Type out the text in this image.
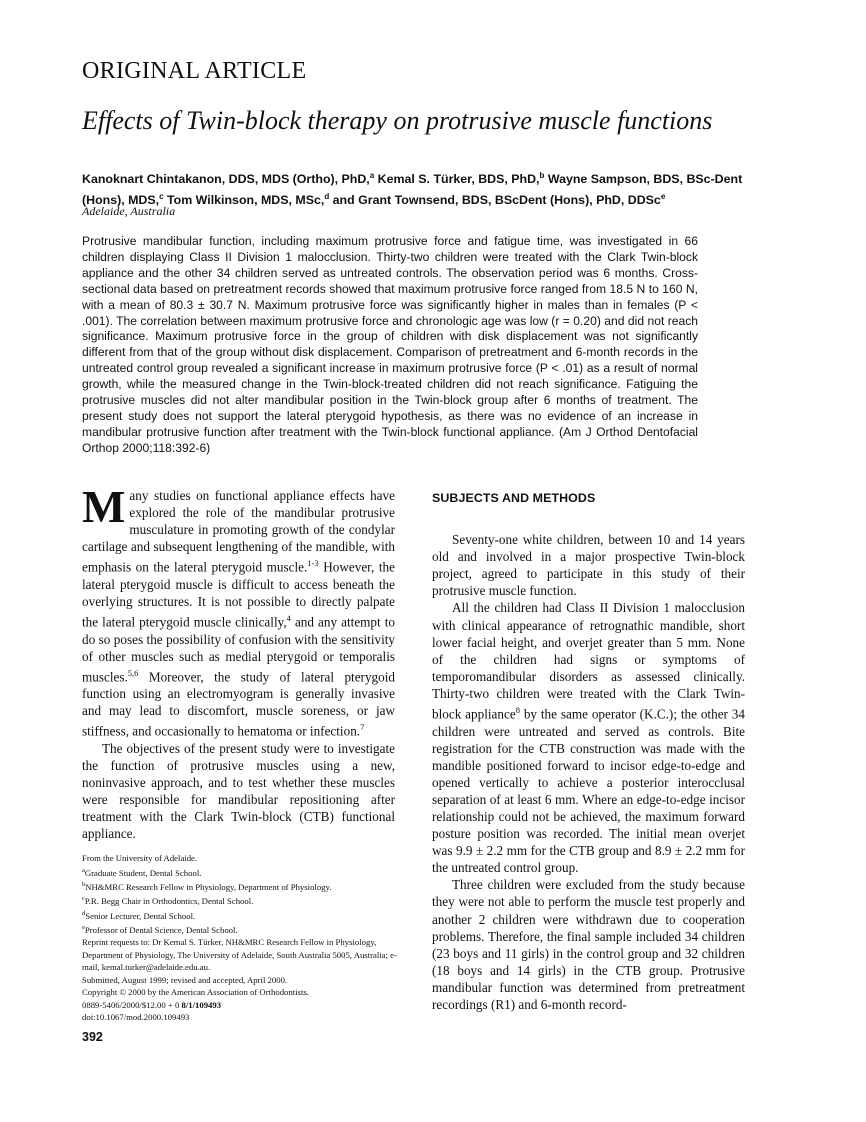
ORIGINAL ARTICLE
Effects of Twin-block therapy on protrusive muscle functions
Kanoknart Chintakanon, DDS, MDS (Ortho), PhD,$^a$ Kemal S. Türker, BDS, PhD,$^b$ Wayne Sampson, BDS, BSc-Dent (Hons), MDS,$^c$ Tom Wilkinson, MDS, MSc,$^d$ and Grant Townsend, BDS, BScDent (Hons), PhD, DDSc$^e$
Adelaide, Australia
Protrusive mandibular function, including maximum protrusive force and fatigue time, was investigated in 66 children displaying Class II Division 1 malocclusion. Thirty-two children were treated with the Clark Twin-block appliance and the other 34 children served as untreated controls. The observation period was 6 months. Cross-sectional data based on pretreatment records showed that maximum protrusive force ranged from 18.5 N to 160 N, with a mean of 80.3 ± 30.7 N. Maximum protrusive force was significantly higher in males than in females (P < .001). The correlation between maximum protrusive force and chronologic age was low (r = 0.20) and did not reach significance. Maximum protrusive force in the group of children with disk displacement was not significantly different from that of the group without disk displacement. Comparison of pretreatment and 6-month records in the untreated control group revealed a significant increase in maximum protrusive force (P < .01) as a result of normal growth, while the measured change in the Twin-block-treated children did not reach significance. Fatiguing the protrusive muscles did not alter mandibular position in the Twin-block group after 6 months of treatment. The present study does not support the lateral pterygoid hypothesis, as there was no evidence of an increase in mandibular protrusive function after treatment with the Twin-block functional appliance. (Am J Orthod Dentofacial Orthop 2000;118:392-6)

Many studies on functional appliance effects have explored the role of the mandibular protrusive musculature in promoting growth of the condylar cartilage and subsequent lengthening of the mandible, with emphasis on the lateral pterygoid muscle.$^{1-3}$ However, the lateral pterygoid muscle is difficult to access beneath the overlying structures. It is not possible to directly palpate the lateral pterygoid muscle clinically,$^4$ and any attempt to do so poses the possibility of confusion with the sensitivity of other muscles such as medial pterygoid or temporalis muscles.$^{5,6}$ Moreover, the study of lateral pterygoid function using an electromyogram is generally invasive and may lead to discomfort, muscle soreness, or jaw stiffness, and occasionally to hematoma or infection.$^7$

The objectives of the present study were to investigate the function of protrusive muscles using a new, noninvasive approach, and to test whether these muscles were responsible for mandibular repositioning after treatment with the Clark Twin-block (CTB) functional appliance.

SUBJECTS AND METHODS

Seventy-one white children, between 10 and 14 years old and involved in a major prospective Twin-block project, agreed to participate in this study of their protrusive muscle function.

All the children had Class II Division 1 malocclusion with clinical appearance of retrognathic mandible, short lower facial height, and overjet greater than 5 mm. None of the children had signs or symptoms of temporomandibular disorders as assessed clinically. Thirty-two children were treated with the Clark Twin-block appliance$^8$ by the same operator (K.C.); the other 34 children were untreated and served as controls. Bite registration for the CTB construction was made with the mandible positioned forward to incisor edge-to-edge and opened vertically to achieve a posterior interocclusal separation of at least 6 mm. Where an edge-to-edge incisor relationship could not be achieved, the maximum forward posture position was recorded. The initial mean overjet was 9.9 ± 2.2 mm for the CTB group and 8.9 ± 2.2 mm for the untreated control group.

Three children were excluded from the study because they were not able to perform the muscle test properly and another 2 children were withdrawn due to cooperation problems. Therefore, the final sample included 34 children (23 boys and 11 girls) in the control group and 32 children (18 boys and 14 girls) in the CTB group. Protrusive mandibular function was determined from pretreatment recordings (R1) and 6-month record-

From the University of Adelaide.
$^a$Graduate Student, Dental School.
$^b$NH&MRC Research Fellow in Physiology, Department of Physiology.
$^c$P.R. Begg Chair in Orthodontics, Dental School.
$^d$Senior Lecturer, Dental School.
$^e$Professor of Dental Science, Dental School.
Reprint requests to: Dr Kemal S. Türker, NH&MRC Research Fellow in Physiology, Department of Physiology, The University of Adelaide, South Australia 5005, Australia; e-mail, kemal.turker@adelaide.edu.au.
Submitted, August 1999; revised and accepted, April 2000.
Copyright © 2000 by the American Association of Orthodontists.
0889-5406/2000/$12.00 + 0 8/1/109493
doi:10.1067/mod.2000.109493
392
